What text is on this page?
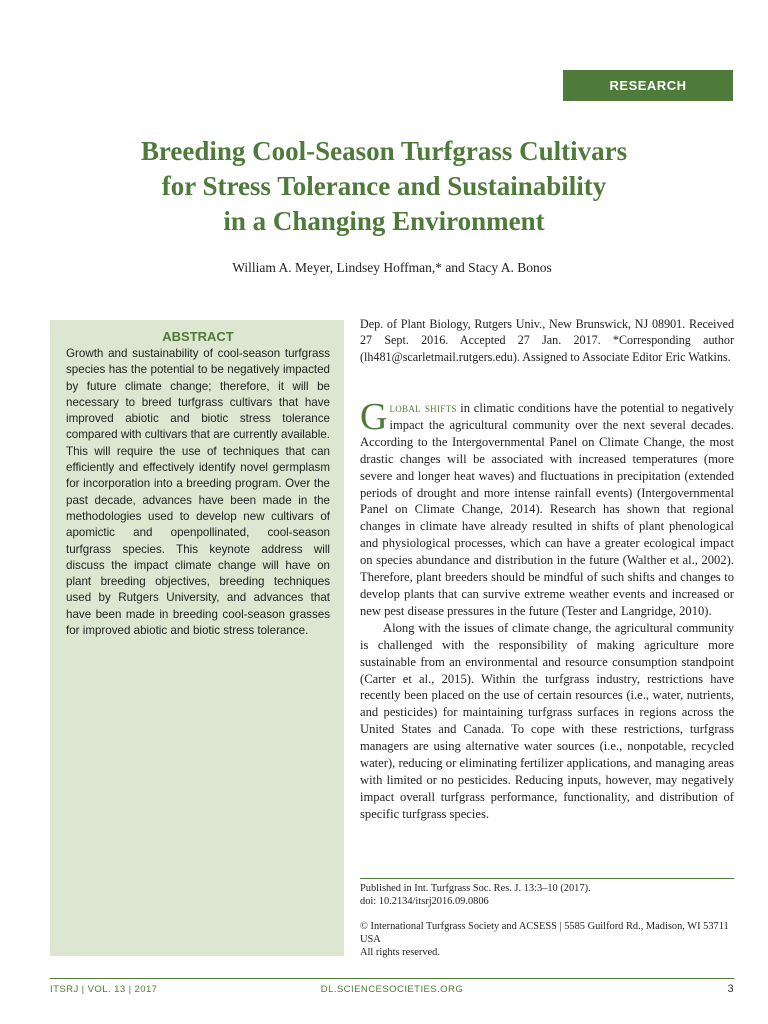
RESEARCH
Breeding Cool-Season Turfgrass Cultivars
for Stress Tolerance and Sustainability
in a Changing Environment
William A. Meyer, Lindsey Hoffman,* and Stacy A. Bonos
ABSTRACT
Growth and sustainability of cool-season turfgrass species has the potential to be negatively impacted by future climate change; therefore, it will be necessary to breed turfgrass cultivars that have improved abiotic and biotic stress tolerance compared with cultivars that are currently available. This will require the use of techniques that can efficiently and effectively identify novel germplasm for incorporation into a breeding program. Over the past decade, advances have been made in the methodologies used to develop new cultivars of apomictic and openpollinated, cool-season turfgrass species. This keynote address will discuss the impact climate change will have on plant breeding objectives, breeding techniques used by Rutgers University, and advances that have been made in breeding cool-season grasses for improved abiotic and biotic stress tolerance.
Dep. of Plant Biology, Rutgers Univ., New Brunswick, NJ 08901. Received 27 Sept. 2016. Accepted 27 Jan. 2017. *Corresponding author (lh481@scarletmail.rutgers.edu). Assigned to Associate Editor Eric Watkins.

Global shifts in climatic conditions have the potential to negatively impact the agricultural community over the next several decades. According to the Intergovernmental Panel on Climate Change, the most drastic changes will be associated with increased temperatures (more severe and longer heat waves) and fluctuations in precipitation (extended periods of drought and more intense rainfall events) (Intergovernmental Panel on Climate Change, 2014). Research has shown that regional changes in climate have already resulted in shifts of plant phenological and physiological processes, which can have a greater ecological impact on species abundance and distribution in the future (Walther et al., 2002). Therefore, plant breeders should be mindful of such shifts and changes to develop plants that can survive extreme weather events and increased or new pest disease pressures in the future (Tester and Langridge, 2010).

Along with the issues of climate change, the agricultural community is challenged with the responsibility of making agriculture more sustainable from an environmental and resource consumption standpoint (Carter et al., 2015). Within the turfgrass industry, restrictions have recently been placed on the use of certain resources (i.e., water, nutrients, and pesticides) for maintaining turfgrass surfaces in regions across the United States and Canada. To cope with these restrictions, turfgrass managers are using alternative water sources (i.e., nonpotable, recycled water), reducing or eliminating fertilizer applications, and managing areas with limited or no pesticides. Reducing inputs, however, may negatively impact overall turfgrass performance, functionality, and distribution of specific turfgrass species.

Published in Int. Turfgrass Soc. Res. J. 13:3–10 (2017).
doi: 10.2134/itsrj2016.09.0806
© International Turfgrass Society and ACSESS | 5585 Guilford Rd., Madison, WI 53711 USA
All rights reserved.
ITSRJ | VOL. 13 | 2017	DL.SCIENCESOCIETIES.ORG	3
